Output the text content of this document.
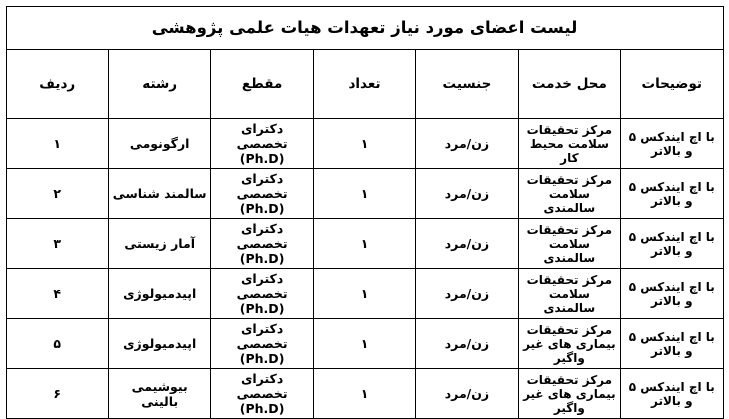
لیست اعضای مورد نیاز تعهدات هیات علمی پژوهشی						
توضیحات	محل خدمت	جنسیت	تعداد	مقطع	رشته	ردیف
با اچ ایندکس ۵ و بالاتر	مرکز تحقیقات سلامت محیط کار	زن/مرد	۱	دکترای تخصصی (Ph.D)	ارگونومی	۱
با اچ ایندکس ۵ و بالاتر	مرکز تحقیقات سلامت سالمندی	زن/مرد	۱	دکترای تخصصی (Ph.D)	سالمند شناسی	۲
با اچ ایندکس ۵ و بالاتر	مرکز تحقیقات سلامت سالمندی	زن/مرد	۱	دکترای تخصصی (Ph.D)	آمار زیستی	۳
با اچ ایندکس ۵ و بالاتر	مرکز تحقیقات سلامت سالمندی	زن/مرد	۱	دکترای تخصصی (Ph.D)	اپیدمیولوژی	۴
با اچ ایندکس ۵ و بالاتر	مرکز تحقیقات بیماری های غیر واگیر	زن/مرد	۱	دکترای تخصصی (Ph.D)	اپیدمیولوژی	۵
با اچ ایندکس ۵ و بالاتر	مرکز تحقیقات بیماری های غیر واگیر	زن/مرد	۱	دکترای تخصصی (Ph.D)	بیوشیمی بالینی	۶
